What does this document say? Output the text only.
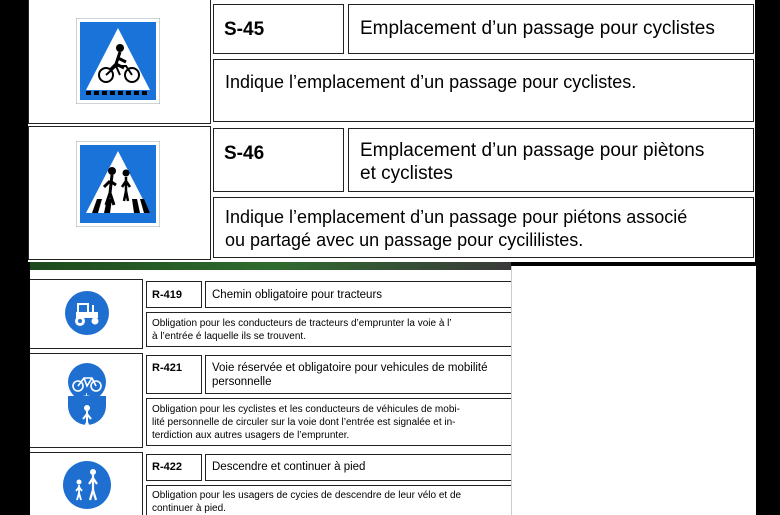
S-45	Emplacement d’un passage pour cyclistes
Indique l’emplacement d’un passage pour cyclistes.
S-46	Emplacement d’un passage pour piètons
et cyclistes
Indique l’emplacement d’un passage pour piétons associé
ou partagé avec un passage pour cycililistes.
R-419	Chemin obligatoire pour tracteurs
Obligation pour les conducteurs de tracteurs d’emprunter la voie à l’
à l’entrée é laquelle ils se trouvent.
R-421	Voie réservée et obligatoire pour vehicules de mobilité
personnelle
Obligation pour les cyclistes et les conducteurs de véhicules de mobi-
lité personnelle de circuler sur la voie dont l’entrée est signalée et in-
terdiction aux autres usagers de l’emprunter.
R-422	Descendre et continuer à pied
Obligation pour les usagers de cycies de descendre de leur vélo et de
continuer à pied.
